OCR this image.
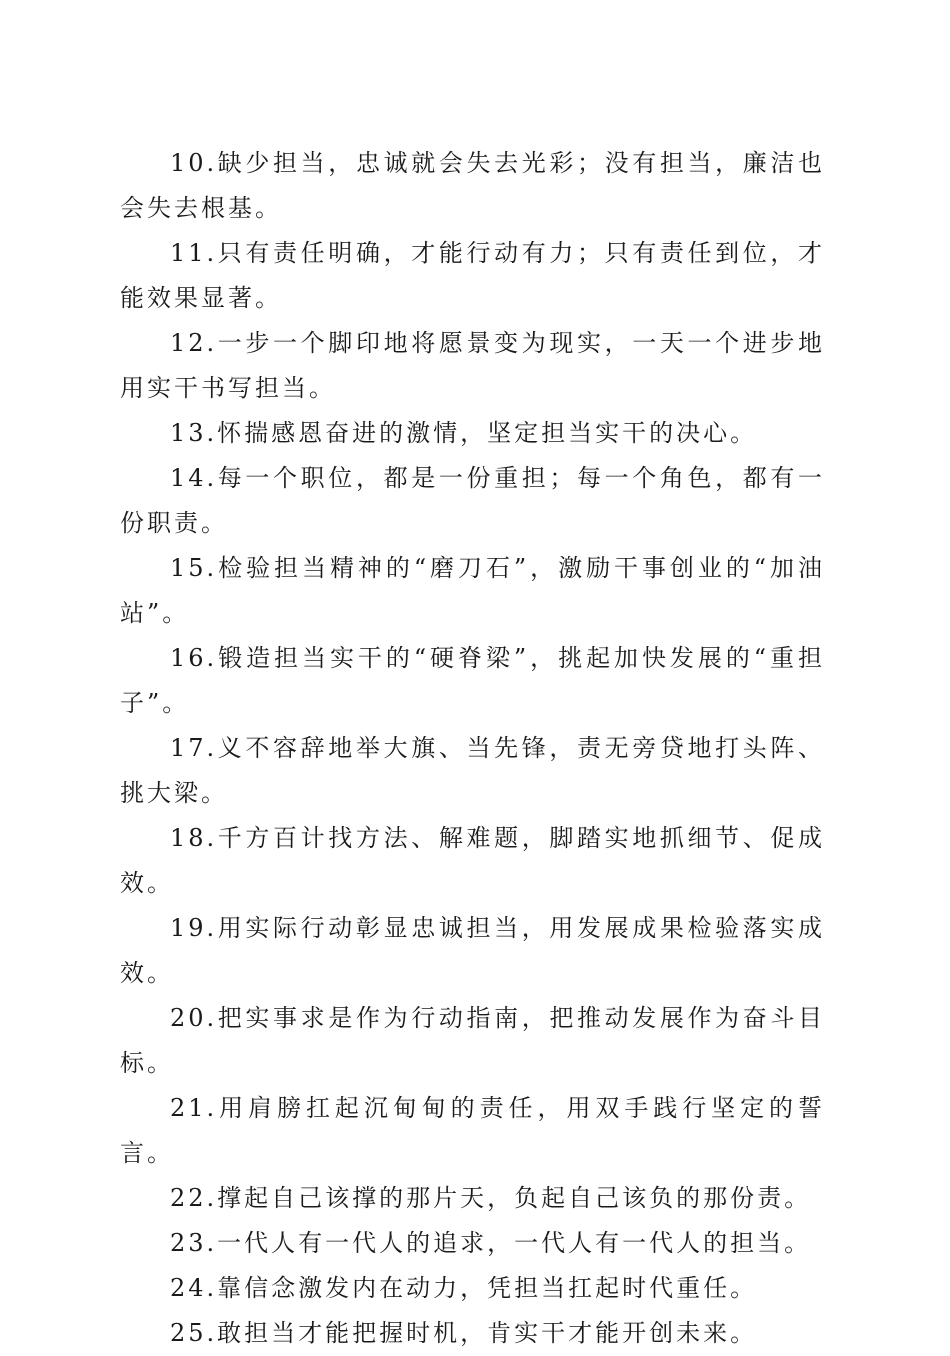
10.缺少担当，忠诚就会失去光彩；没有担当，廉洁也会失去根基。

11.只有责任明确，才能行动有力；只有责任到位，才能效果显著。

12.一步一个脚印地将愿景变为现实，一天一个进步地用实干书写担当。

13.怀揣感恩奋进的激情，坚定担当实干的决心。

14.每一个职位，都是一份重担；每一个角色，都有一份职责。

15.检验担当精神的“磨刀石”，激励干事创业的“加油站”。

16.锻造担当实干的“硬脊梁”，挑起加快发展的“重担子”。

17.义不容辞地举大旗、当先锋，责无旁贷地打头阵、挑大梁。

18.千方百计找方法、解难题，脚踏实地抓细节、促成效。

19.用实际行动彰显忠诚担当，用发展成果检验落实成效。

20.把实事求是作为行动指南，把推动发展作为奋斗目标。

21.用肩膀扛起沉甸甸的责任，用双手践行坚定的誓言。

22.撑起自己该撑的那片天，负起自己该负的那份责。

23.一代人有一代人的追求，一代人有一代人的担当。

24.靠信念激发内在动力，凭担当扛起时代重任。

25.敢担当才能把握时机，肯实干才能开创未来。
